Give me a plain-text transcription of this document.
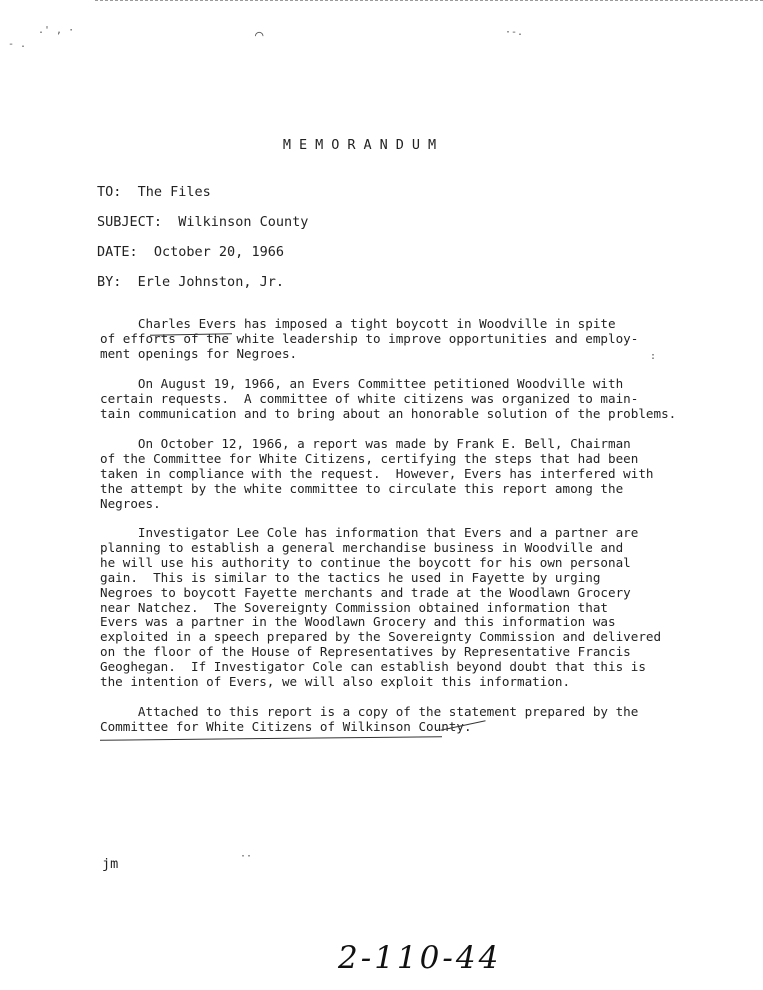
- .
.' , ·	⌒	·-.
··
:
MEMORANDUM
TO: The Files
SUBJECT: Wilkinson County
DATE: October 20, 1966
BY: Erle Johnston, Jr.
Charles Evers has imposed a tight boycott in Woodville in spite
of efforts of the white leadership to improve opportunities and employ-
ment openings for Negroes.
On August 19, 1966, an Evers Committee petitioned Woodville with
certain requests.  A committee of white citizens was organized to main-
tain communication and to bring about an honorable solution of the problems.
On October 12, 1966, a report was made by Frank E. Bell, Chairman
of the Committee for White Citizens, certifying the steps that had been
taken in compliance with the request.  However, Evers has interfered with
the attempt by the white committee to circulate this report among the
Negroes.
Investigator Lee Cole has information that Evers and a partner are
planning to establish a general merchandise business in Woodville and
he will use his authority to continue the boycott for his own personal
gain.  This is similar to the tactics he used in Fayette by urging
Negroes to boycott Fayette merchants and trade at the Woodlawn Grocery
near Natchez.  The Sovereignty Commission obtained information that
Evers was a partner in the Woodlawn Grocery and this information was
exploited in a speech prepared by the Sovereignty Commission and delivered
on the floor of the House of Representatives by Representative Francis
Geoghegan.  If Investigator Cole can establish beyond doubt that this is
the intention of Evers, we will also exploit this information.
Attached to this report is a copy of the statement prepared by the
Committee for White Citizens of Wilkinson County.
jm
2-110-44
